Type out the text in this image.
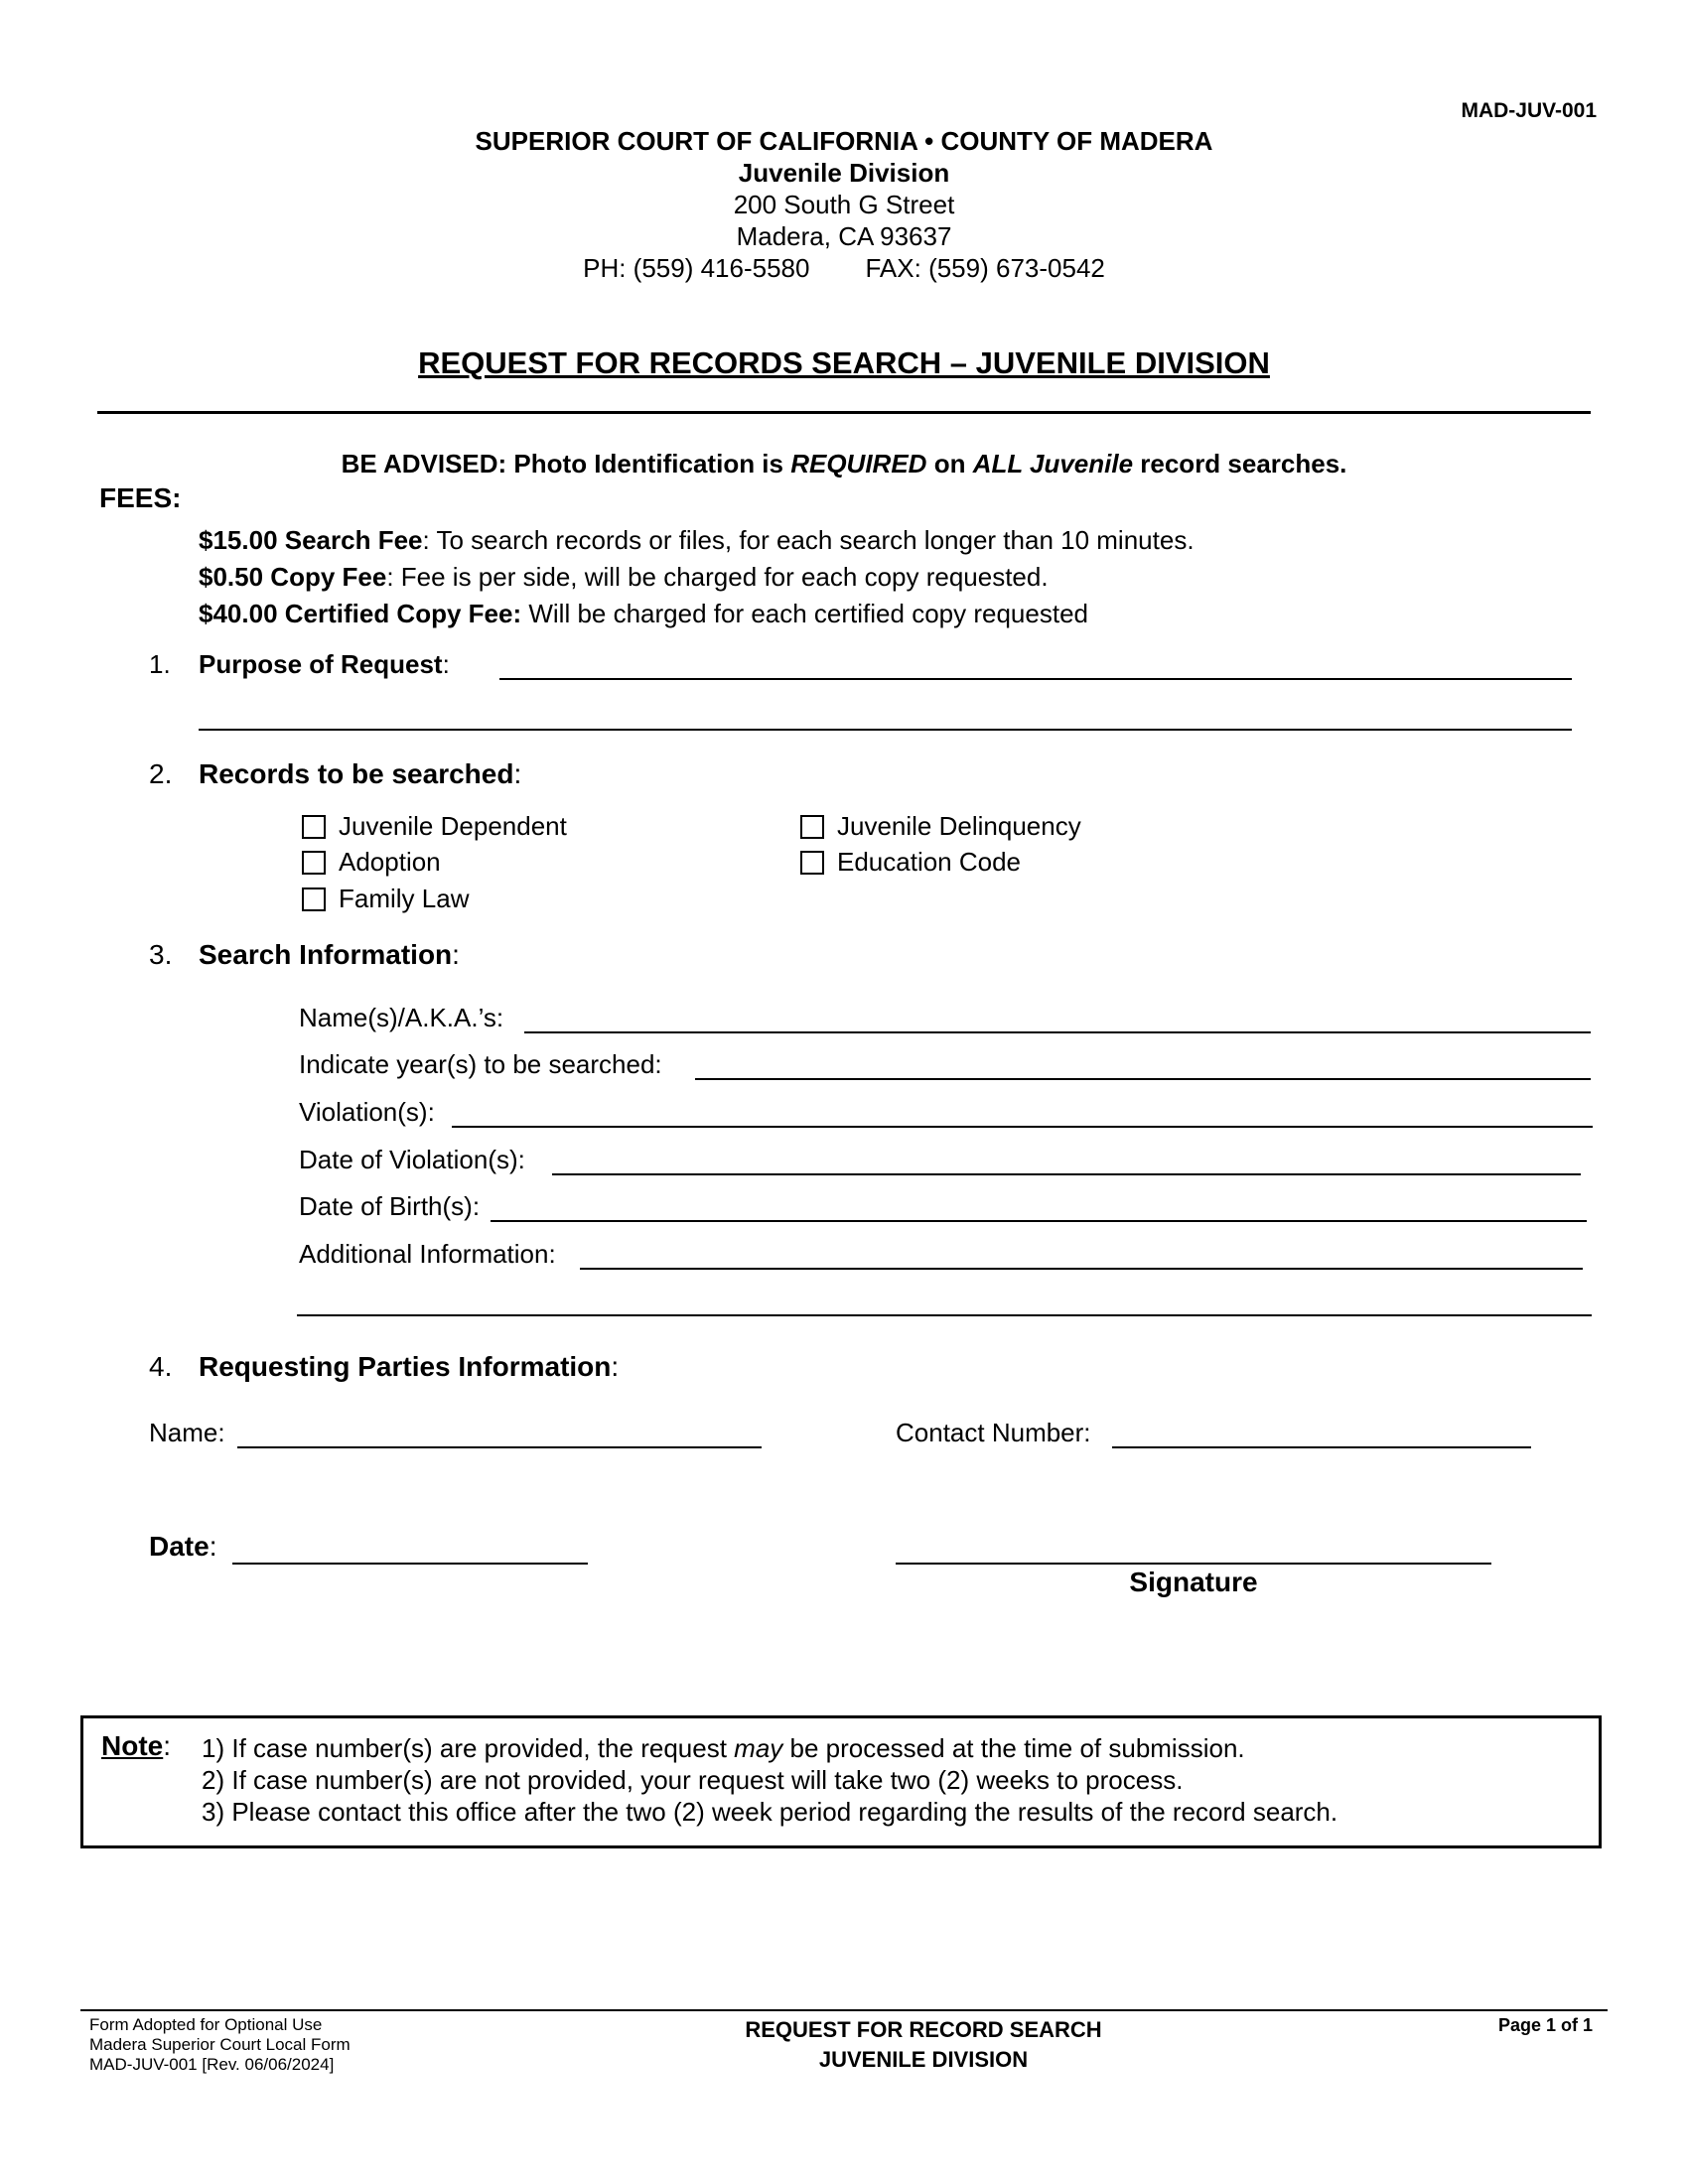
MAD-JUV-001
SUPERIOR COURT OF CALIFORNIA • COUNTY OF MADERA
Juvenile Division
200 South G Street
Madera, CA 93637
PH: (559) 416-5580 FAX: (559) 673-0542
REQUEST FOR RECORDS SEARCH – JUVENILE DIVISION
BE ADVISED: Photo Identification is REQUIRED on ALL Juvenile record searches.
FEES:
$15.00 Search Fee: To search records or files, for each search longer than 10 minutes.
$0.50 Copy Fee: Fee is per side, will be charged for each copy requested.
$40.00 Certified Copy Fee: Will be charged for each certified copy requested
1. Purpose of Request:
2. Records to be searched:
Juvenile Dependent
Adoption
Family Law
Juvenile Delinquency
Education Code
3. Search Information:
Name(s)/A.K.A.’s:
Indicate year(s) to be searched:
Violation(s):
Date of Violation(s):
Date of Birth(s):
Additional Information:
4. Requesting Parties Information:
Name:	Contact Number:
Date:
Signature
Note: 1) If case number(s) are provided, the request may be processed at the time of submission.
2) If case number(s) are not provided, your request will take two (2) weeks to process.
3) Please contact this office after the two (2) week period regarding the results of the record search.
Form Adopted for Optional Use
Madera Superior Court Local Form
MAD-JUV-001 [Rev. 06/06/2024]
REQUEST FOR RECORD SEARCH
JUVENILE DIVISION
Page 1 of 1
